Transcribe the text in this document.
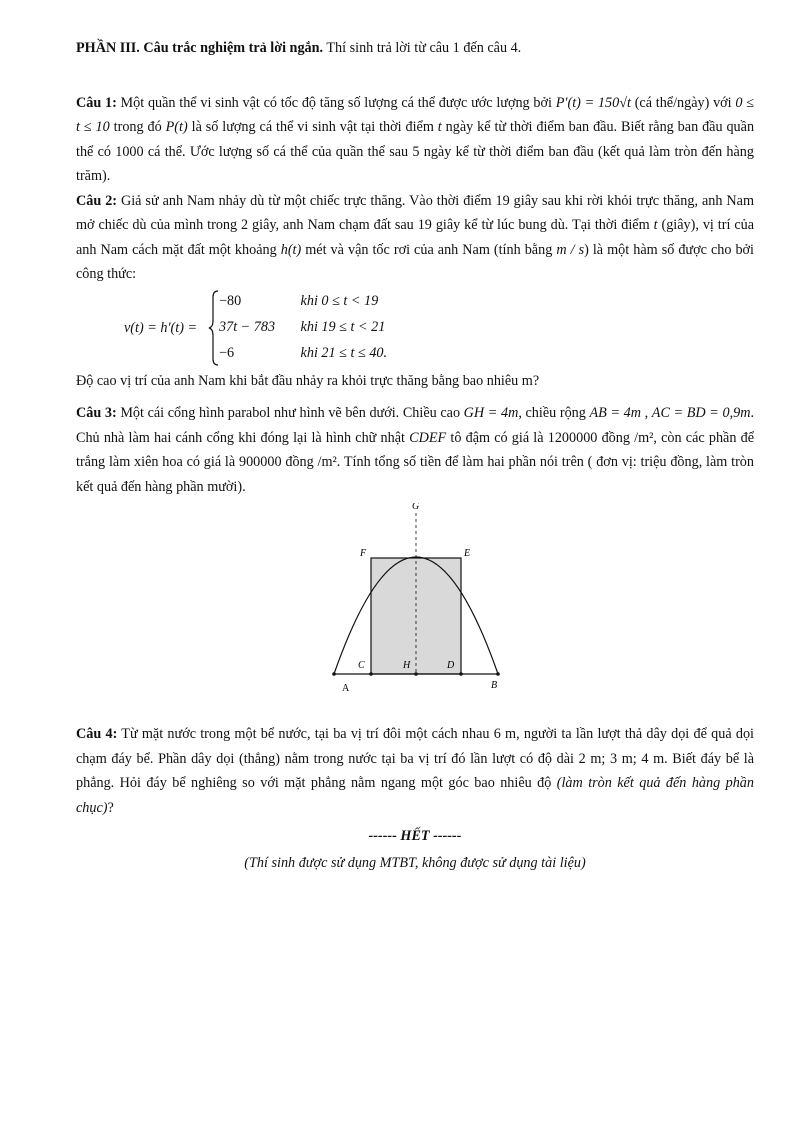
PHẦN III. Câu trắc nghiệm trả lời ngắn. Thí sinh trả lời từ câu 1 đến câu 4.

Câu 1: Một quần thể vi sinh vật có tốc độ tăng số lượng cá thể được ước lượng bởi P′(t) = 150√t (cá thể/ngày) với 0 ≤ t ≤ 10 trong đó P(t) là số lượng cá thể vi sinh vật tại thời điểm t ngày kể từ thời điểm ban đầu. Biết rằng ban đầu quần thể có 1000 cá thể. Ước lượng số cá thể của quần thể sau 5 ngày kể từ thời điểm ban đầu (kết quả làm tròn đến hàng trăm).

Câu 2: Giả sử anh Nam nhảy dù từ một chiếc trực thăng. Vào thời điểm 19 giây sau khi rời khỏi trực thăng, anh Nam mở chiếc dù của mình trong 2 giây, anh Nam chạm đất sau 19 giây kể từ lúc bung dù. Tại thời điểm t (giây), vị trí của anh Nam cách mặt đất một khoảng h(t) mét và vận tốc rơi của anh Nam (tính bằng m / s) là một hàm số được cho bởi công thức:

v(t) = h′(t) =
−80	khi 0 ≤ t < 19
37t − 783 khi 19 ≤ t < 21
−6	khi 21 ≤ t ≤ 40.

Độ cao vị trí của anh Nam khi bắt đầu nhảy ra khỏi trực thăng bằng bao nhiêu m?

Câu 3: Một cái cổng hình parabol như hình vẽ bên dưới. Chiều cao GH = 4m, chiều rộng AB = 4m , AC = BD = 0,9m. Chủ nhà làm hai cánh cổng khi đóng lại là hình chữ nhật CDEF tô đậm có giá là 1200000 đồng /m², còn các phần để trắng làm xiên hoa có giá là 900000 đồng /m². Tính tổng số tiền để làm hai phần nói trên ( đơn vị: triệu đồng, làm tròn kết quả đến hàng phần mười).

G
F	E
C	H	D
A	B

Câu 4: Từ mặt nước trong một bể nước, tại ba vị trí đôi một cách nhau 6 m, người ta lần lượt thả dây dọi để quả dọi chạm đáy bể. Phần dây dọi (thẳng) nằm trong nước tại ba vị trí đó lần lượt có độ dài 2 m; 3 m; 4 m. Biết đáy bể là phẳng. Hỏi đáy bể nghiêng so với mặt phẳng nằm ngang một góc bao nhiêu độ (làm tròn kết quả đến hàng phần chục)?

------ HẾT ------

(Thí sinh được sử dụng MTBT, không được sử dụng tài liệu)
